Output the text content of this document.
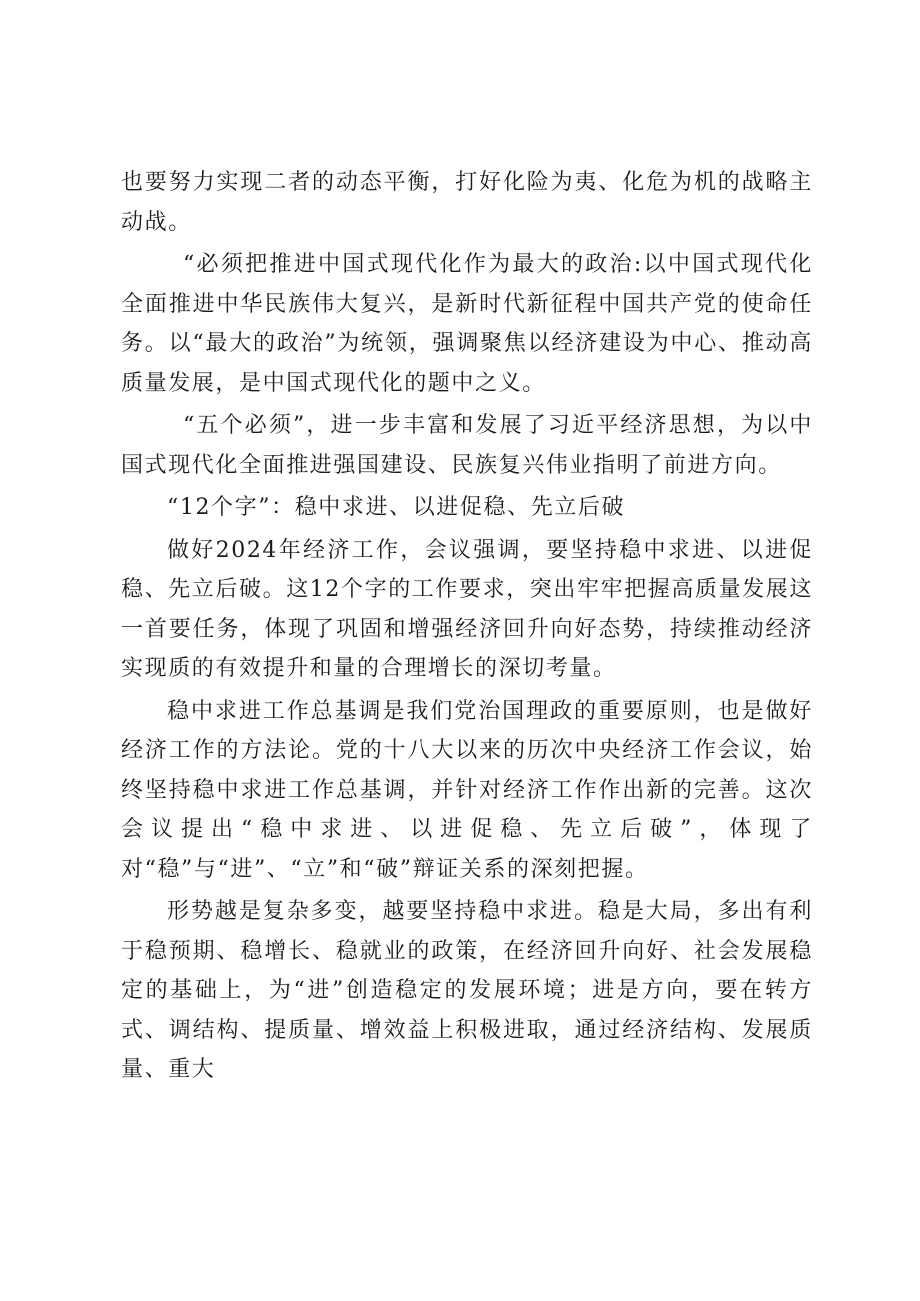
也要努力实现二者的动态平衡，打好化险为夷、化危为机的战略主动战。

“必须把推进中国式现代化作为最大的政治:以中国式现代化全面推进中华民族伟大复兴，是新时代新征程中国共产党的使命任务。以“最大的政治”为统领，强调聚焦以经济建设为中心、推动高质量发展，是中国式现代化的题中之义。

“五个必须”，进一步丰富和发展了习近平经济思想，为以中国式现代化全面推进强国建设、民族复兴伟业指明了前进方向。

“12个字”：稳中求进、以进促稳、先立后破

做好2024年经济工作，会议强调，要坚持稳中求进、以进促稳、先立后破。这12个字的工作要求，突出牢牢把握高质量发展这一首要任务，体现了巩固和增强经济回升向好态势，持续推动经济实现质的有效提升和量的合理增长的深切考量。

稳中求进工作总基调是我们党治国理政的重要原则，也是做好经济工作的方法论。党的十八大以来的历次中央经济工作会议，始终坚持稳中求进工作总基调，并针对经济工作作出新的完善。这次会议提出“稳中求进、以进促稳、先立后破”，体现了对“稳”与“进”、“立”和“破”辩证关系的深刻把握。

形势越是复杂多变，越要坚持稳中求进。稳是大局，多出有利于稳预期、稳增长、稳就业的政策，在经济回升向好、社会发展稳定的基础上，为“进”创造稳定的发展环境；进是方向，要在转方式、调结构、提质量、增效益上积极进取，通过经济结构、发展质量、重大
